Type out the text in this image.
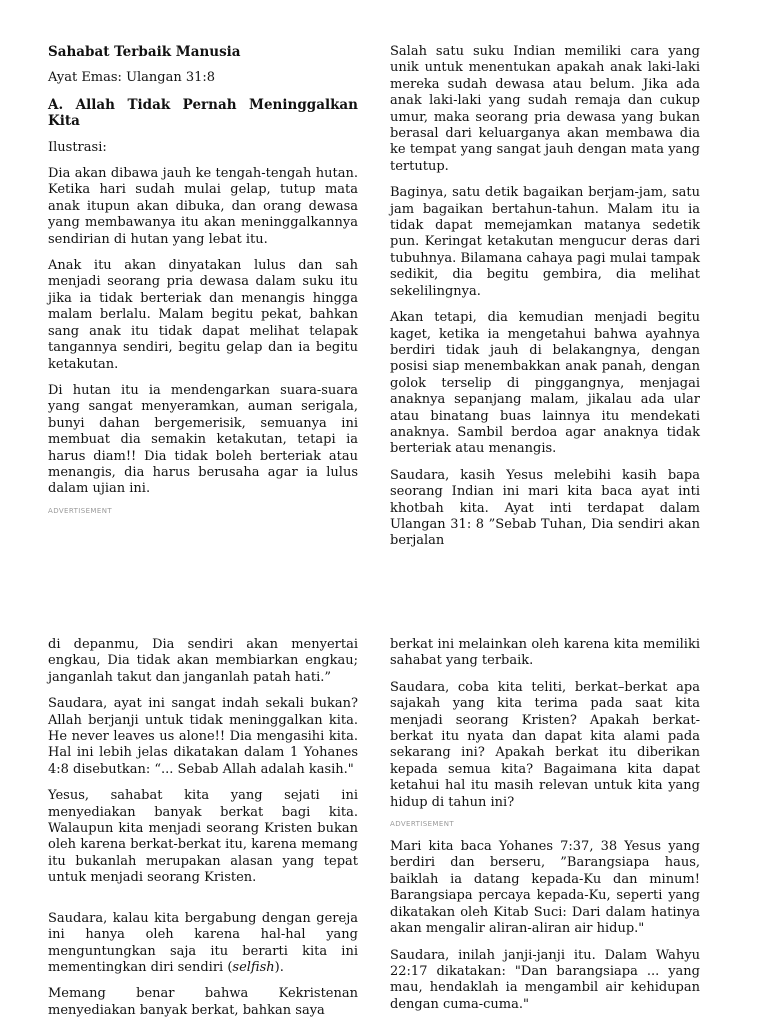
Sahabat Terbaik Manusia

Ayat Emas: Ulangan 31:8

A. Allah Tidak Pernah Meninggalkan Kita

Ilustrasi:

Dia akan dibawa jauh ke tengah-tengah hutan. Ketika hari sudah mulai gelap, tutup mata anak itupun akan dibuka, dan orang dewasa yang membawanya itu akan meninggalkannya sendirian di hutan yang lebat itu.

Anak itu akan dinyatakan lulus dan sah menjadi seorang pria dewasa dalam suku itu jika ia tidak berteriak dan menangis hingga malam berlalu. Malam begitu pekat, bahkan sang anak itu tidak dapat melihat telapak tangannya sendiri, begitu gelap dan ia begitu ketakutan.

Di hutan itu ia mendengarkan suara-suara yang sangat menyeramkan, auman serigala, bunyi dahan bergemerisik, semuanya ini membuat dia semakin ketakutan, tetapi ia harus diam!! Dia tidak boleh berteriak atau menangis, dia harus berusaha agar ia lulus dalam ujian ini.

ADVERTISEMENT

Salah satu suku Indian memiliki cara yang unik untuk menentukan apakah anak laki-laki mereka sudah dewasa atau belum. Jika ada anak laki-laki yang sudah remaja dan cukup umur, maka seorang pria dewasa yang bukan berasal dari keluarganya akan membawa dia ke tempat yang sangat jauh dengan mata yang tertutup.

Baginya, satu detik bagaikan berjam-jam, satu jam bagaikan bertahun-tahun. Malam itu ia tidak dapat memejamkan matanya sedetik pun. Keringat ketakutan mengucur deras dari tubuhnya. Bilamana cahaya pagi mulai tampak sedikit, dia begitu gembira, dia melihat sekelilingnya.

Akan tetapi, dia kemudian menjadi begitu kaget, ketika ia mengetahui bahwa ayahnya berdiri tidak jauh di belakangnya, dengan posisi siap menembakkan anak panah, dengan golok terselip di pinggangnya, menjagai anaknya sepanjang malam, jikalau ada ular atau binatang buas lainnya itu mendekati anaknya. Sambil berdoa agar anaknya tidak berteriak atau menangis.

Saudara, kasih Yesus melebihi kasih bapa seorang Indian ini mari kita baca ayat inti khotbah kita. Ayat inti terdapat dalam Ulangan 31: 8 ”Sebab Tuhan, Dia sendiri akan berjalan

di depanmu, Dia sendiri akan menyertai engkau, Dia tidak akan membiarkan engkau; janganlah takut dan janganlah patah hati.”

Saudara, ayat ini sangat indah sekali bukan? Allah berjanji untuk tidak meninggalkan kita. He never leaves us alone!! Dia mengasihi kita. Hal ini lebih jelas dikatakan dalam 1 Yohanes 4:8 disebutkan: “... Sebab Allah adalah kasih."

Yesus, sahabat kita yang sejati ini menyediakan banyak berkat bagi kita. Walaupun kita menjadi seorang Kristen bukan oleh karena berkat-berkat itu, karena memang itu bukanlah merupakan alasan yang tepat untuk menjadi seorang Kristen.

Saudara, kalau kita bergabung dengan gereja ini hanya oleh karena hal-hal yang menguntungkan saja itu berarti kita ini mementingkan diri sendiri (selfish).

Memang benar bahwa Kekristenan menyediakan banyak berkat, bahkan saya

berkat ini melainkan oleh karena kita memiliki sahabat yang terbaik.

Saudara, coba kita teliti, berkat–berkat apa sajakah yang kita terima pada saat kita menjadi seorang Kristen? Apakah berkat-berkat itu nyata dan dapat kita alami pada sekarang ini? Apakah berkat itu diberikan kepada semua kita? Bagaimana kita dapat ketahui hal itu masih relevan untuk kita yang hidup di tahun ini?

ADVERTISEMENT

Mari kita baca Yohanes 7:37, 38 Yesus yang berdiri dan berseru, ”Barangsiapa haus, baiklah ia datang kepada-Ku dan minum! Barangsiapa percaya kepada-Ku, seperti yang dikatakan oleh Kitab Suci: Dari dalam hatinya akan mengalir aliran-aliran air hidup."

Saudara, inilah janji-janji itu. Dalam Wahyu 22:17 dikatakan: "Dan barangsiapa ... yang mau, hendaklah ia mengambil air kehidupan dengan cuma-cuma."
